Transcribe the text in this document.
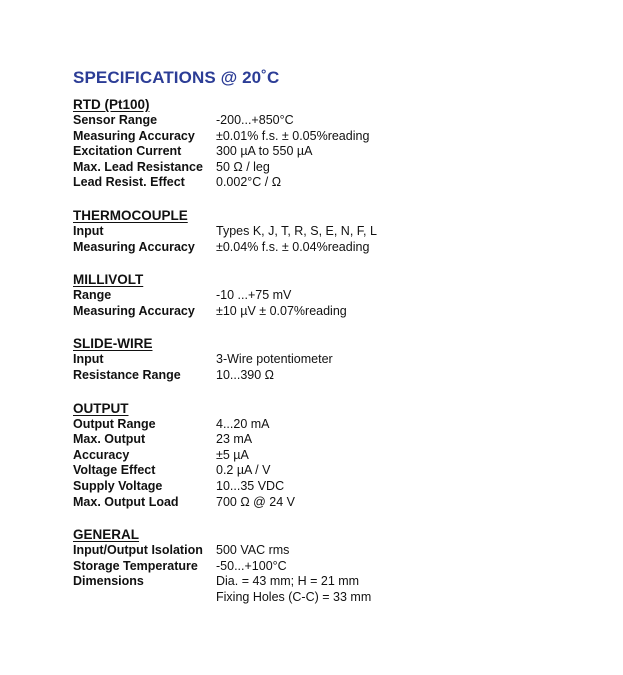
SPECIFICATIONS @ 20˚C
RTD (Pt100)
Sensor Range	-200...+850°C
Measuring Accuracy	±0.01% f.s. ± 0.05%reading
Excitation Current	300 µA to 550 µA
Max. Lead Resistance	50 Ω / leg
Lead Resist. Effect	0.002°C / Ω
THERMOCOUPLE
Input	Types K, J, T, R, S, E, N, F, L
Measuring Accuracy	±0.04% f.s. ± 0.04%reading
MILLIVOLT
Range	-10 ...+75 mV
Measuring Accuracy	±10 µV ± 0.07%reading
SLIDE-WIRE
Input	3-Wire potentiometer
Resistance Range	10...390 Ω
OUTPUT
Output Range	4...20 mA
Max. Output	23 mA
Accuracy	±5 µA
Voltage Effect	0.2 µA / V
Supply Voltage	10...35 VDC
Max. Output Load	700 Ω @ 24 V
GENERAL
Input/Output Isolation	500 VAC rms
Storage Temperature	-50...+100°C
Dimensions	Dia. = 43 mm; H = 21 mm
Fixing Holes (C-C) = 33 mm
